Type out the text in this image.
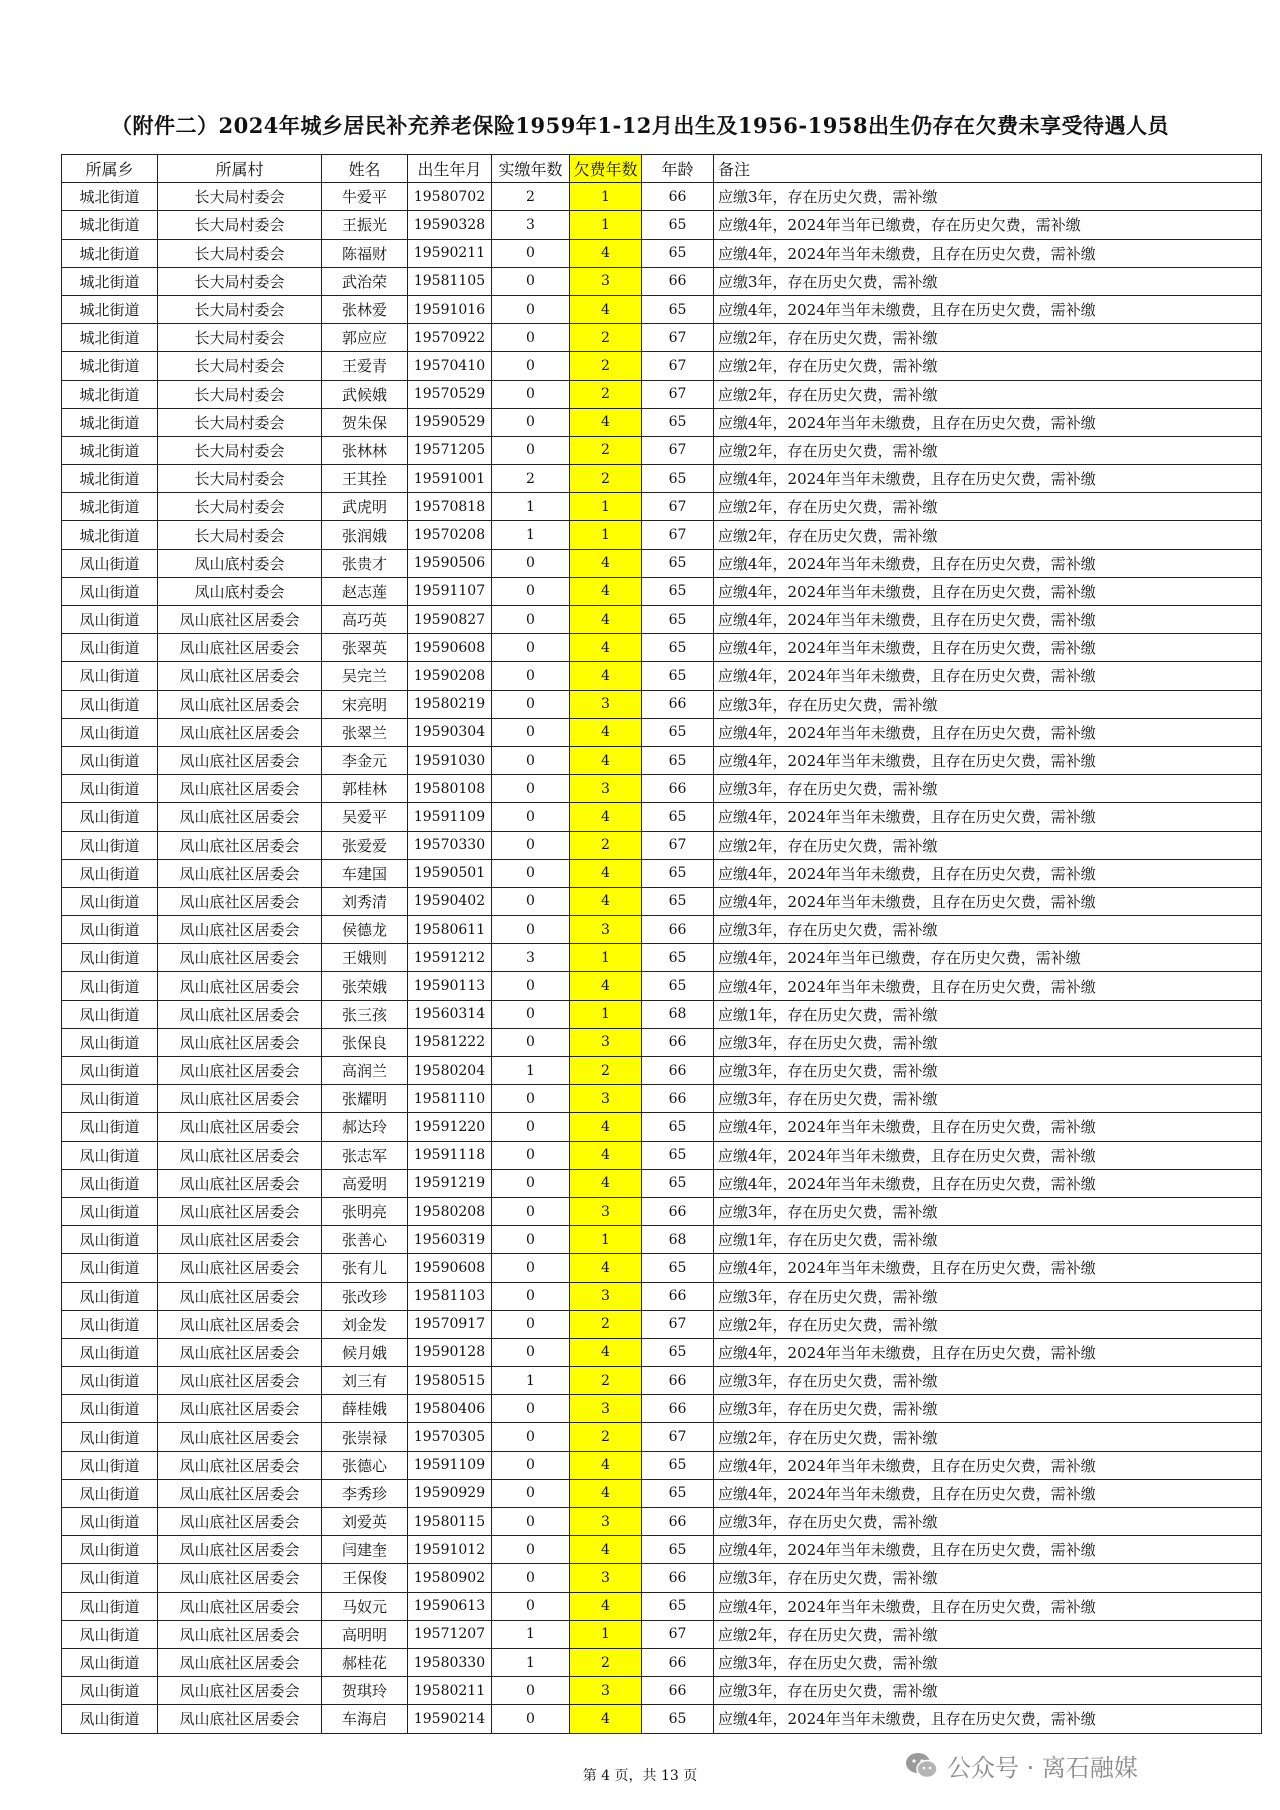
（附件二）2024年城乡居民补充养老保险1959年1-12月出生及1956-1958出生仍存在欠费未享受待遇人员
所属乡	所属村	姓名	出生年月	实缴年数	欠费年数	年龄	备注
城北街道	长大局村委会	牛爱平	19580702	2	1	66	应缴3年，存在历史欠费，需补缴
城北街道	长大局村委会	王振光	19590328	3	1	65	应缴4年，2024年当年已缴费，存在历史欠费，需补缴
城北街道	长大局村委会	陈福财	19590211	0	4	65	应缴4年，2024年当年未缴费，且存在历史欠费，需补缴
城北街道	长大局村委会	武治荣	19581105	0	3	66	应缴3年，存在历史欠费，需补缴
城北街道	长大局村委会	张林爱	19591016	0	4	65	应缴4年，2024年当年未缴费，且存在历史欠费，需补缴
城北街道	长大局村委会	郭应应	19570922	0	2	67	应缴2年，存在历史欠费，需补缴
城北街道	长大局村委会	王爱青	19570410	0	2	67	应缴2年，存在历史欠费，需补缴
城北街道	长大局村委会	武候娥	19570529	0	2	67	应缴2年，存在历史欠费，需补缴
城北街道	长大局村委会	贺朱保	19590529	0	4	65	应缴4年，2024年当年未缴费，且存在历史欠费，需补缴
城北街道	长大局村委会	张林林	19571205	0	2	67	应缴2年，存在历史欠费，需补缴
城北街道	长大局村委会	王其拴	19591001	2	2	65	应缴4年，2024年当年未缴费，且存在历史欠费，需补缴
城北街道	长大局村委会	武虎明	19570818	1	1	67	应缴2年，存在历史欠费，需补缴
城北街道	长大局村委会	张润娥	19570208	1	1	67	应缴2年，存在历史欠费，需补缴
凤山街道	凤山底村委会	张贵才	19590506	0	4	65	应缴4年，2024年当年未缴费，且存在历史欠费，需补缴
凤山街道	凤山底村委会	赵志莲	19591107	0	4	65	应缴4年，2024年当年未缴费，且存在历史欠费，需补缴
凤山街道	凤山底社区居委会	高巧英	19590827	0	4	65	应缴4年，2024年当年未缴费，且存在历史欠费，需补缴
凤山街道	凤山底社区居委会	张翠英	19590608	0	4	65	应缴4年，2024年当年未缴费，且存在历史欠费，需补缴
凤山街道	凤山底社区居委会	吴完兰	19590208	0	4	65	应缴4年，2024年当年未缴费，且存在历史欠费，需补缴
凤山街道	凤山底社区居委会	宋亮明	19580219	0	3	66	应缴3年，存在历史欠费，需补缴
凤山街道	凤山底社区居委会	张翠兰	19590304	0	4	65	应缴4年，2024年当年未缴费，且存在历史欠费，需补缴
凤山街道	凤山底社区居委会	李金元	19591030	0	4	65	应缴4年，2024年当年未缴费，且存在历史欠费，需补缴
凤山街道	凤山底社区居委会	郭桂林	19580108	0	3	66	应缴3年，存在历史欠费，需补缴
凤山街道	凤山底社区居委会	吴爱平	19591109	0	4	65	应缴4年，2024年当年未缴费，且存在历史欠费，需补缴
凤山街道	凤山底社区居委会	张爱爱	19570330	0	2	67	应缴2年，存在历史欠费，需补缴
凤山街道	凤山底社区居委会	车建国	19590501	0	4	65	应缴4年，2024年当年未缴费，且存在历史欠费，需补缴
凤山街道	凤山底社区居委会	刘秀清	19590402	0	4	65	应缴4年，2024年当年未缴费，且存在历史欠费，需补缴
凤山街道	凤山底社区居委会	侯德龙	19580611	0	3	66	应缴3年，存在历史欠费，需补缴
凤山街道	凤山底社区居委会	王娥则	19591212	3	1	65	应缴4年，2024年当年已缴费，存在历史欠费，需补缴
凤山街道	凤山底社区居委会	张荣娥	19590113	0	4	65	应缴4年，2024年当年未缴费，且存在历史欠费，需补缴
凤山街道	凤山底社区居委会	张三孩	19560314	0	1	68	应缴1年，存在历史欠费，需补缴
凤山街道	凤山底社区居委会	张保良	19581222	0	3	66	应缴3年，存在历史欠费，需补缴
凤山街道	凤山底社区居委会	高润兰	19580204	1	2	66	应缴3年，存在历史欠费，需补缴
凤山街道	凤山底社区居委会	张耀明	19581110	0	3	66	应缴3年，存在历史欠费，需补缴
凤山街道	凤山底社区居委会	郝达玲	19591220	0	4	65	应缴4年，2024年当年未缴费，且存在历史欠费，需补缴
凤山街道	凤山底社区居委会	张志军	19591118	0	4	65	应缴4年，2024年当年未缴费，且存在历史欠费，需补缴
凤山街道	凤山底社区居委会	高爱明	19591219	0	4	65	应缴4年，2024年当年未缴费，且存在历史欠费，需补缴
凤山街道	凤山底社区居委会	张明亮	19580208	0	3	66	应缴3年，存在历史欠费，需补缴
凤山街道	凤山底社区居委会	张善心	19560319	0	1	68	应缴1年，存在历史欠费，需补缴
凤山街道	凤山底社区居委会	张有儿	19590608	0	4	65	应缴4年，2024年当年未缴费，且存在历史欠费，需补缴
凤山街道	凤山底社区居委会	张改珍	19581103	0	3	66	应缴3年，存在历史欠费，需补缴
凤山街道	凤山底社区居委会	刘金发	19570917	0	2	67	应缴2年，存在历史欠费，需补缴
凤山街道	凤山底社区居委会	候月娥	19590128	0	4	65	应缴4年，2024年当年未缴费，且存在历史欠费，需补缴
凤山街道	凤山底社区居委会	刘三有	19580515	1	2	66	应缴3年，存在历史欠费，需补缴
凤山街道	凤山底社区居委会	薛桂娥	19580406	0	3	66	应缴3年，存在历史欠费，需补缴
凤山街道	凤山底社区居委会	张崇禄	19570305	0	2	67	应缴2年，存在历史欠费，需补缴
凤山街道	凤山底社区居委会	张德心	19591109	0	4	65	应缴4年，2024年当年未缴费，且存在历史欠费，需补缴
凤山街道	凤山底社区居委会	李秀珍	19590929	0	4	65	应缴4年，2024年当年未缴费，且存在历史欠费，需补缴
凤山街道	凤山底社区居委会	刘爱英	19580115	0	3	66	应缴3年，存在历史欠费，需补缴
凤山街道	凤山底社区居委会	闫建奎	19591012	0	4	65	应缴4年，2024年当年未缴费，且存在历史欠费，需补缴
凤山街道	凤山底社区居委会	王保俊	19580902	0	3	66	应缴3年，存在历史欠费，需补缴
凤山街道	凤山底社区居委会	马奴元	19590613	0	4	65	应缴4年，2024年当年未缴费，且存在历史欠费，需补缴
凤山街道	凤山底社区居委会	高明明	19571207	1	1	67	应缴2年，存在历史欠费，需补缴
凤山街道	凤山底社区居委会	郝桂花	19580330	1	2	66	应缴3年，存在历史欠费，需补缴
凤山街道	凤山底社区居委会	贺琪玲	19580211	0	3	66	应缴3年，存在历史欠费，需补缴
凤山街道	凤山底社区居委会	车海启	19590214	0	4	65	应缴4年，2024年当年未缴费，且存在历史欠费，需补缴
第 4 页，共 13 页	公众号 · 离石融媒
